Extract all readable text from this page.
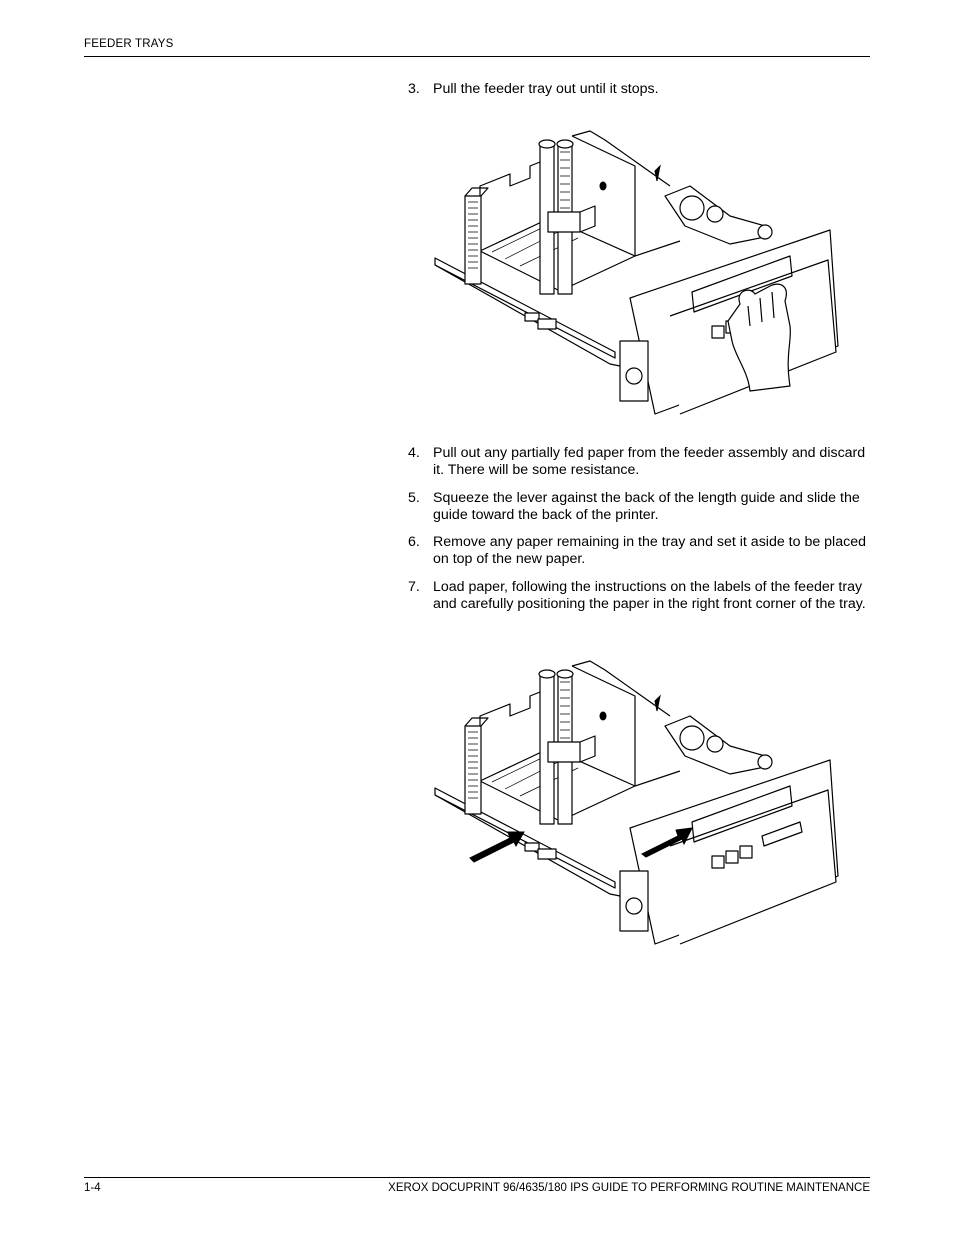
FEEDER TRAYS
3. Pull the feeder tray out until it stops.
4. Pull out any partially fed paper from the feeder assembly and discard it. There will be some resistance.
5. Squeeze the lever against the back of the length guide and slide the guide toward the back of the printer.
6. Remove any paper remaining in the tray and set it aside to be placed on top of the new paper.
7. Load paper, following the instructions on the labels of the feeder tray and carefully positioning the paper in the right front corner of the tray.
1-4	XEROX DOCUPRINT 96/4635/180 IPS GUIDE TO PERFORMING ROUTINE MAINTENANCE
